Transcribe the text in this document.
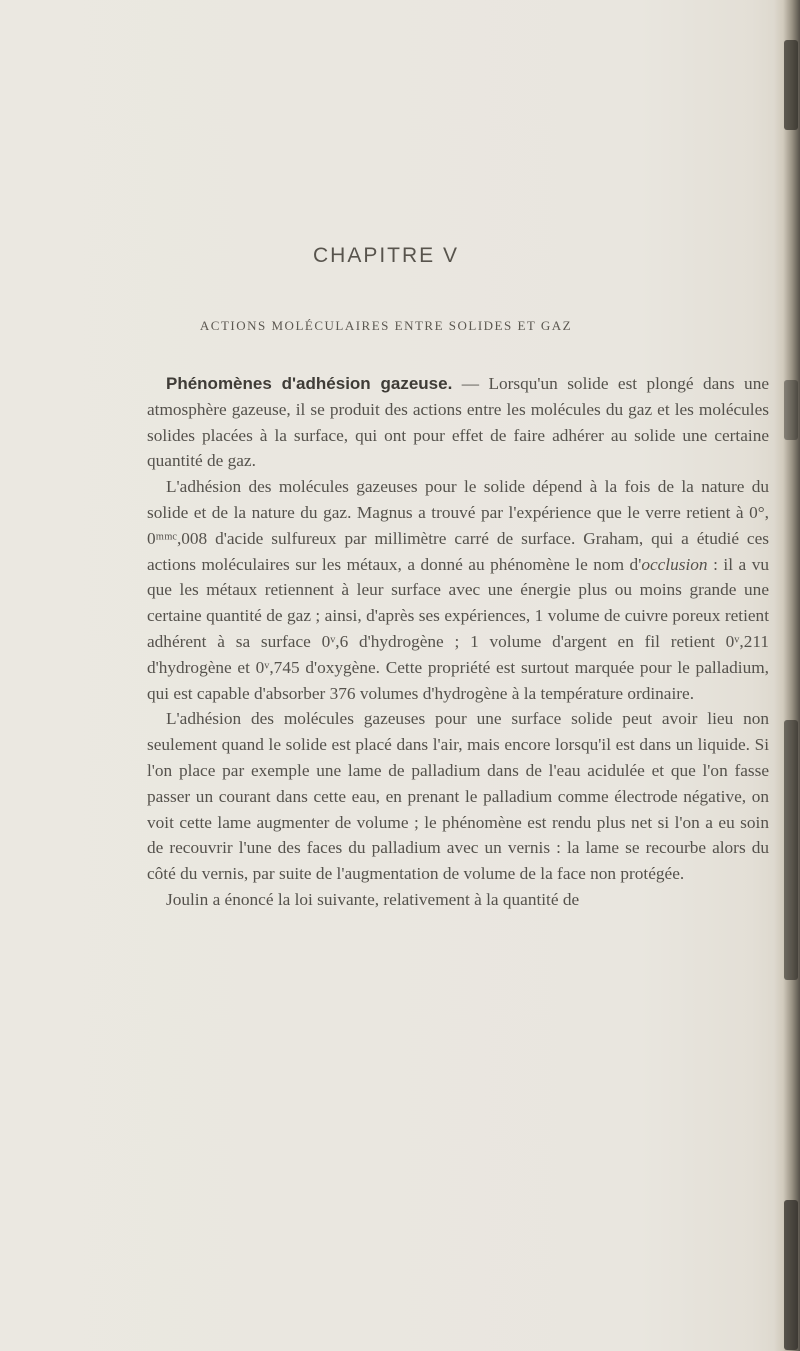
CHAPITRE V
ACTIONS MOLÉCULAIRES ENTRE SOLIDES ET GAZ

Phénomènes d'adhésion gazeuse. — Lorsqu'un solide est plongé dans une atmosphère gazeuse, il se produit des actions entre les molécules du gaz et les molécules solides placées à la surface, qui ont pour effet de faire adhérer au solide une certaine quantité de gaz.

L'adhésion des molécules gazeuses pour le solide dépend à la fois de la nature du solide et de la nature du gaz. Magnus a trouvé par l'expérience que le verre retient à 0°, 0ᵐᵐᶜ,008 d'acide sulfureux par millimètre carré de surface. Graham, qui a étudié ces actions moléculaires sur les métaux, a donné au phénomène le nom d'occlusion : il a vu que les métaux retiennent à leur surface avec une énergie plus ou moins grande une certaine quantité de gaz ; ainsi, d'après ses expériences, 1 volume de cuivre poreux retient adhérent à sa surface 0ᵛ,6 d'hydrogène ; 1 volume d'argent en fil retient 0ᵛ,211 d'hydrogène et 0ᵛ,745 d'oxygène. Cette propriété est surtout marquée pour le palladium, qui est capable d'absorber 376 volumes d'hydrogène à la température ordinaire.

L'adhésion des molécules gazeuses pour une surface solide peut avoir lieu non seulement quand le solide est placé dans l'air, mais encore lorsqu'il est dans un liquide. Si l'on place par exemple une lame de palladium dans de l'eau acidulée et que l'on fasse passer un courant dans cette eau, en prenant le palladium comme électrode négative, on voit cette lame augmenter de volume ; le phénomène est rendu plus net si l'on a eu soin de recouvrir l'une des faces du palladium avec un vernis : la lame se recourbe alors du côté du vernis, par suite de l'augmentation de volume de la face non protégée.

Joulin a énoncé la loi suivante, relativement à la quantité de
